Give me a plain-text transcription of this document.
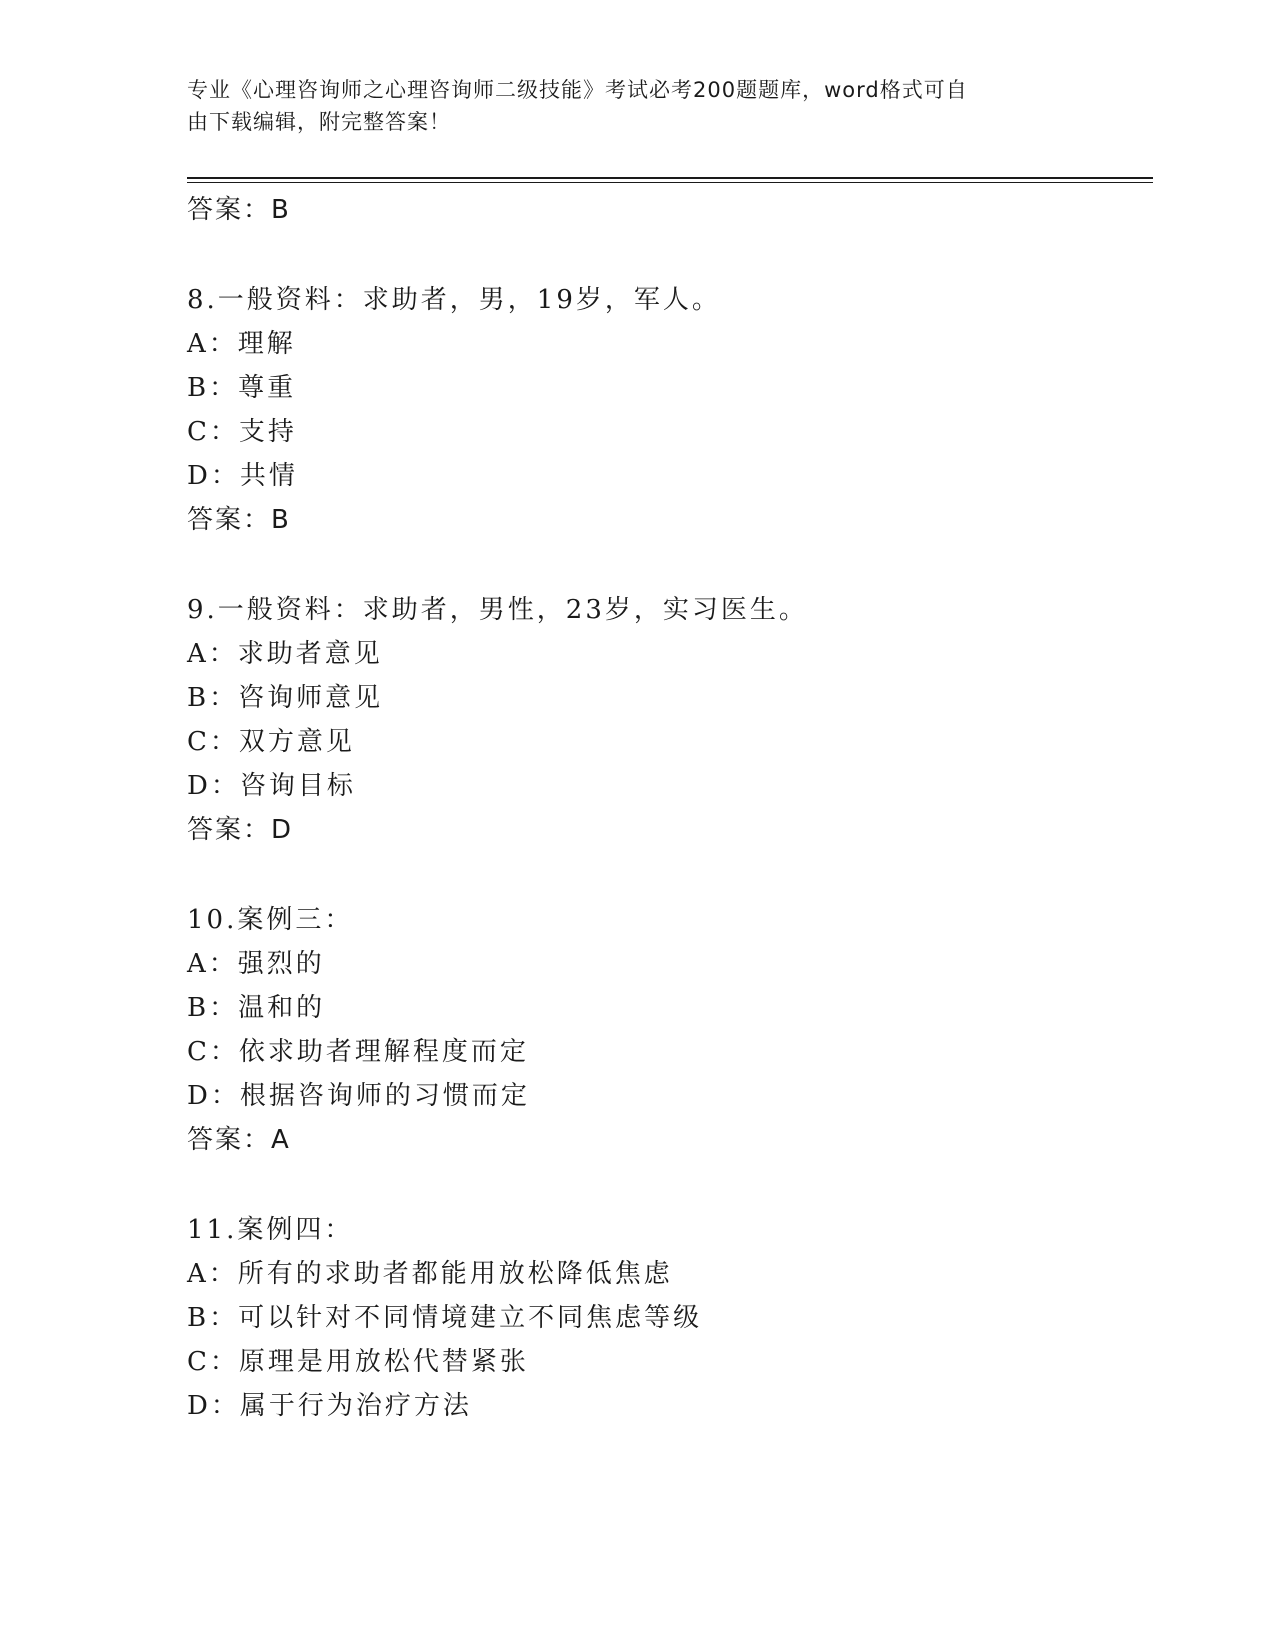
专业《心理咨询师之心理咨询师二级技能》考试必考200题题库，word格式可自
由下载编辑，附完整答案！
答案：B
8.一般资料：求助者，男，19岁，军人。
A：理解
B：尊重
C：支持
D：共情
答案：B
9.一般资料：求助者，男性，23岁，实习医生。
A：求助者意见
B：咨询师意见
C：双方意见
D：咨询目标
答案：D
10.案例三：
A：强烈的
B：温和的
C：依求助者理解程度而定
D：根据咨询师的习惯而定
答案：A
11.案例四：
A：所有的求助者都能用放松降低焦虑
B：可以针对不同情境建立不同焦虑等级
C：原理是用放松代替紧张
D：属于行为治疗方法
